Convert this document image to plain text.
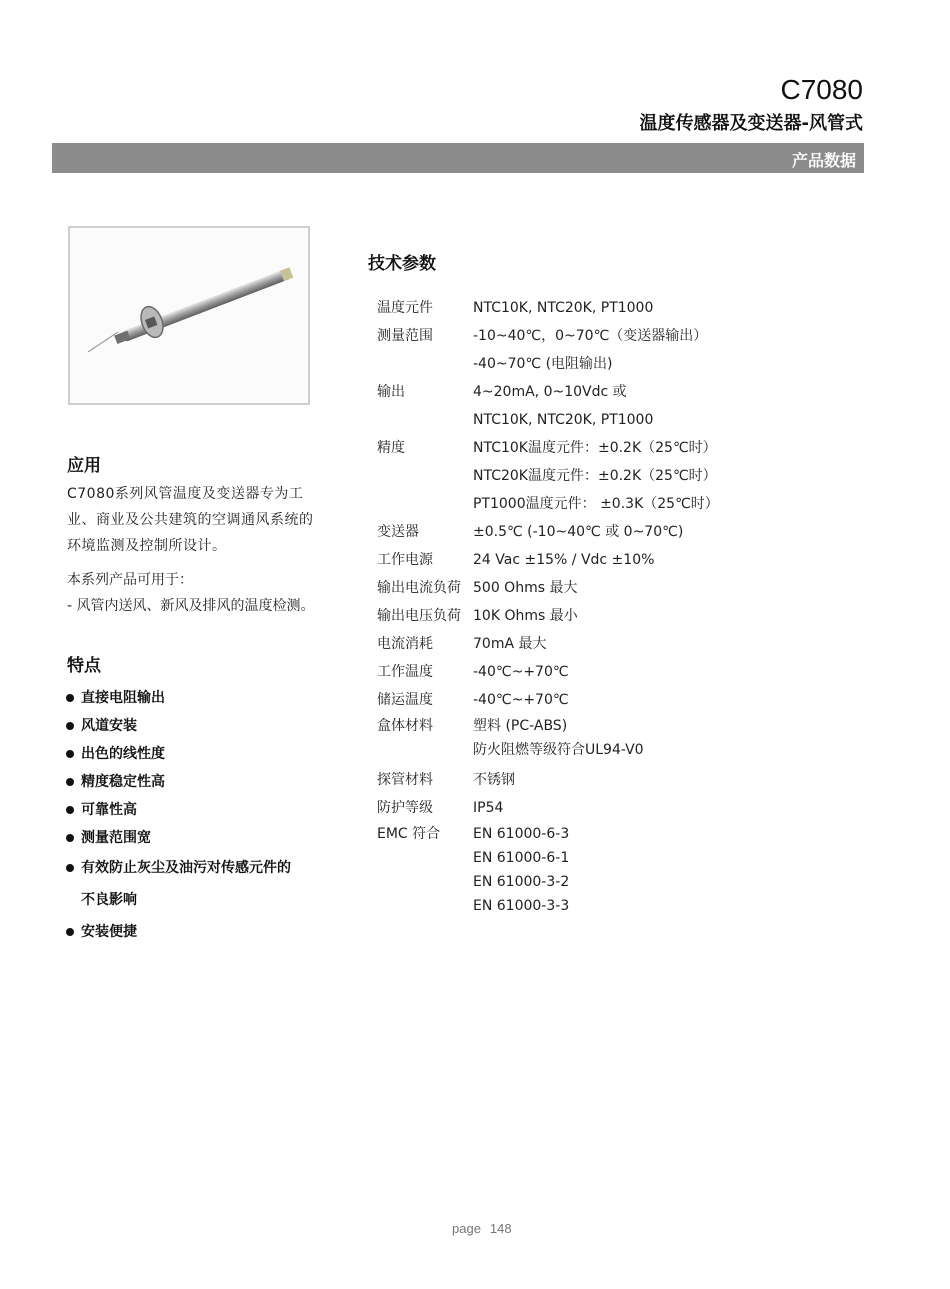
C7080
温度传感器及变送器-风管式
产品数据
应用

C7080系列风管温度及变送器专为工

业、商业及公共建筑的空调通风系统的

环境监测及控制所设计。

本系列产品可用于：

- 风管内送风、新风及排风的温度检测。

特点
直接电阻输出
风道安装
出色的线性度
精度稳定性高
可靠性高
测量范围宽
有效防止灰尘及油污对传感元件的
不良影响
安装便捷
技术参数
温度元件	NTC10K, NTC20K, PT1000
测量范围	-10~40℃，0~70℃（变送器输出）
-40~70℃ (电阻输出)
输出	4~20mA, 0~10Vdc 或
NTC10K, NTC20K, PT1000
精度	NTC10K温度元件：±0.2K（25℃时）
NTC20K温度元件：±0.2K（25℃时）
PT1000温度元件： ±0.3K（25℃时）
变送器	±0.5℃ (-10~40℃ 或 0~70℃)
工作电源	24 Vac ±15% / Vdc ±10%
输出电流负荷 500 Ohms 最大
输出电压负荷 10K Ohms 最小
电流消耗	70mA 最大
工作温度	-40℃~+70℃
储运温度	-40℃~+70℃
盒体材料	塑料 (PC-ABS)
防火阻燃等级符合UL94-V0
探管材料	不锈钢
防护等级	IP54
EMC 符合	EN 61000-6-3
EN 61000-6-1
EN 61000-3-2
EN 61000-3-3
page 148
